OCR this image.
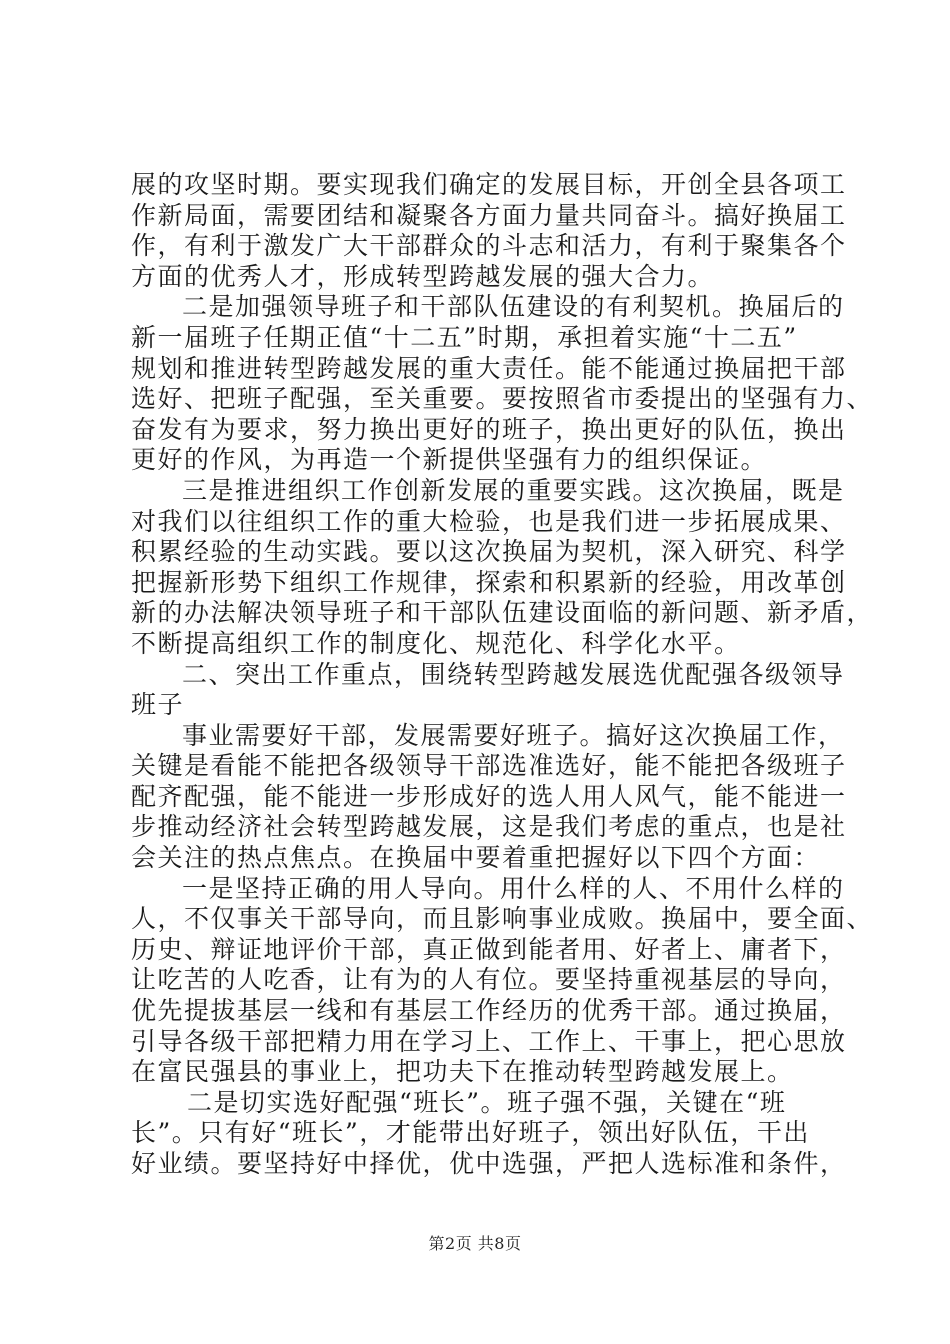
展的攻坚时期。要实现我们确定的发展目标，开创全县各项工
作新局面，需要团结和凝聚各方面力量共同奋斗。搞好换届工
作，有利于激发广大干部群众的斗志和活力，有利于聚集各个
方面的优秀人才，形成转型跨越发展的强大合力。
二是加强领导班子和干部队伍建设的有利契机。换届后的
新一届班子任期正值“十二五”时期，承担着实施“十二五”
规划和推进转型跨越发展的重大责任。能不能通过换届把干部
选好、把班子配强，至关重要。要按照省市委提出的坚强有力、
奋发有为要求，努力换出更好的班子，换出更好的队伍，换出
更好的作风，为再造一个新提供坚强有力的组织保证。
三是推进组织工作创新发展的重要实践。这次换届，既是
对我们以往组织工作的重大检验，也是我们进一步拓展成果、
积累经验的生动实践。要以这次换届为契机，深入研究、科学
把握新形势下组织工作规律，探索和积累新的经验，用改革创
新的办法解决领导班子和干部队伍建设面临的新问题、新矛盾，
不断提高组织工作的制度化、规范化、科学化水平。
二、突出工作重点，围绕转型跨越发展选优配强各级领导
班子
事业需要好干部，发展需要好班子。搞好这次换届工作，
关键是看能不能把各级领导干部选准选好，能不能把各级班子
配齐配强，能不能进一步形成好的选人用人风气，能不能进一
步推动经济社会转型跨越发展，这是我们考虑的重点，也是社
会关注的热点焦点。在换届中要着重把握好以下四个方面：
一是坚持正确的用人导向。用什么样的人、不用什么样的
人，不仅事关干部导向，而且影响事业成败。换届中，要全面、
历史、辩证地评价干部，真正做到能者用、好者上、庸者下，
让吃苦的人吃香，让有为的人有位。要坚持重视基层的导向，
优先提拔基层一线和有基层工作经历的优秀干部。通过换届，
引导各级干部把精力用在学习上、工作上、干事上，把心思放
在富民强县的事业上，把功夫下在推动转型跨越发展上。
二是切实选好配强“班长”。班子强不强，关键在“班
长”。只有好“班长”，才能带出好班子，领出好队伍，干出
好业绩。要坚持好中择优，优中选强，严把人选标准和条件，
第2页 共8页
